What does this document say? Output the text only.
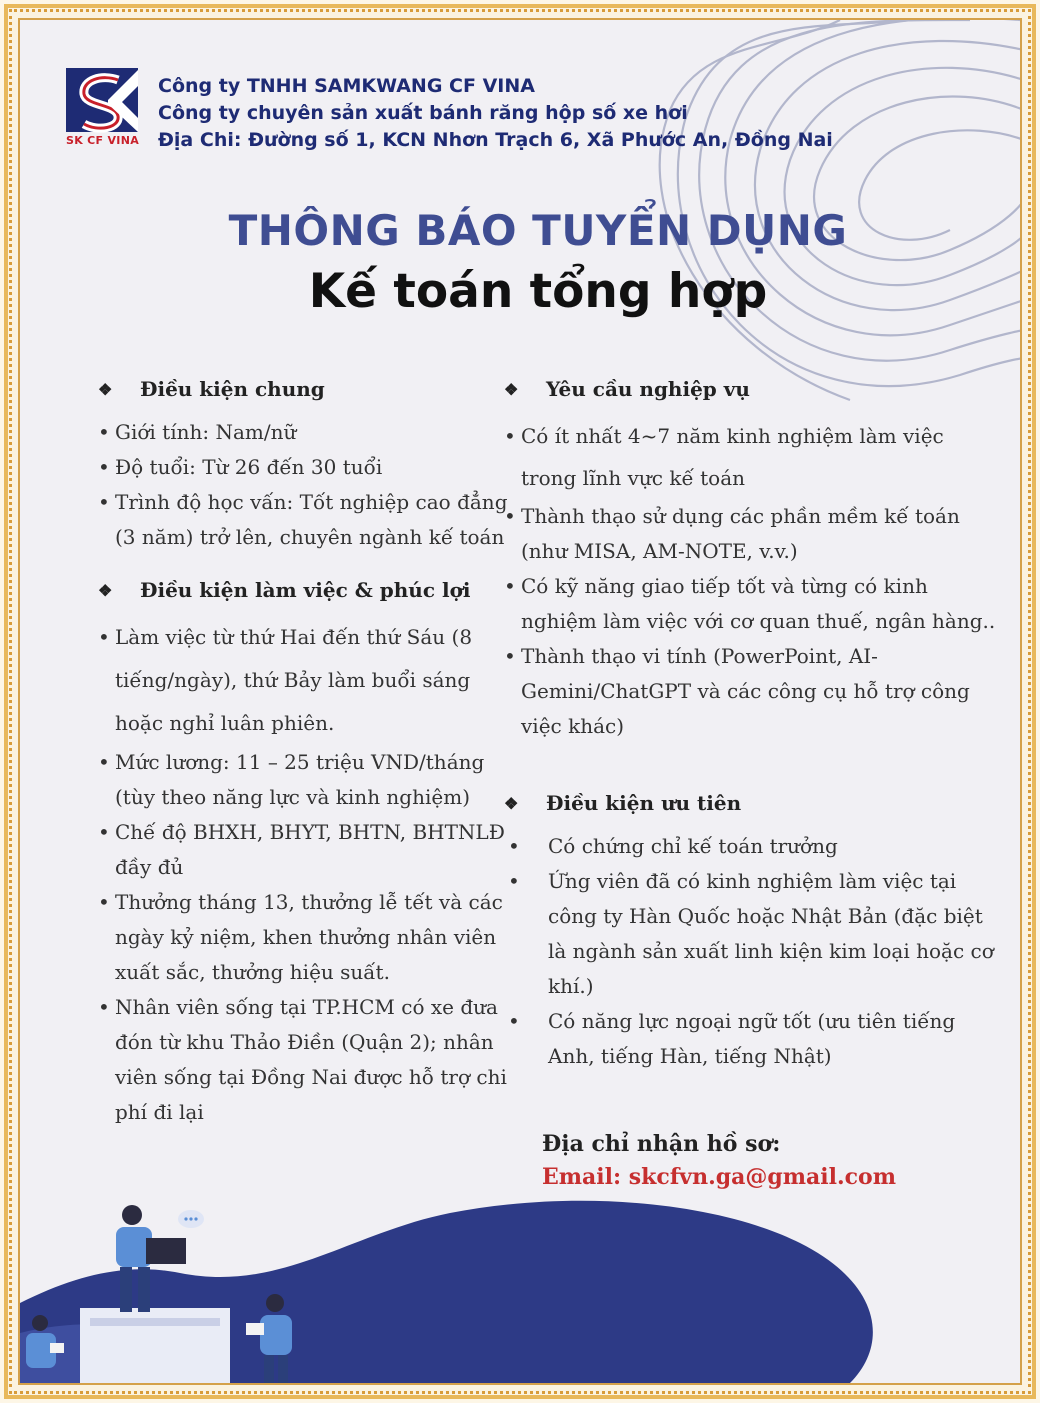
SK CF VINA
Công ty TNHH SAMKWANG CF VINA
Công ty chuyên sản xuất bánh răng hộp số xe hơi
Địa Chi: Đường số 1, KCN Nhơn Trạch 6, Xã Phước An, Đồng Nai
THÔNG BÁO TUYỂN DỤNG
Kế toán tổng hợp
❖	Điều kiện chung
• Giới tính: Nam/nữ
• Độ tuổi: Từ 26 đến 30 tuổi
• Trình độ học vấn: Tốt nghiệp cao đẳng (3 năm) trở lên, chuyên ngành kế toán
❖	Điều kiện làm việc & phúc lợi
• Làm việc từ thứ Hai đến thứ Sáu (8 tiếng/ngày), thứ Bảy làm buổi sáng hoặc nghỉ luân phiên.
• Mức lương: 11 – 25 triệu VND/tháng (tùy theo năng lực và kinh nghiệm)
• Chế độ BHXH, BHYT, BHTN, BHTNLĐ đầy đủ
• Thưởng tháng 13, thưởng lễ tết và các ngày kỷ niệm, khen thưởng nhân viên xuất sắc, thưởng hiệu suất.
• Nhân viên sống tại TP.HCM có xe đưa đón từ khu Thảo Điền (Quận 2); nhân viên sống tại Đồng Nai được hỗ trợ chi phí đi lại
❖	Yêu cầu nghiệp vụ
• Có ít nhất 4~7 năm kinh nghiệm làm việc trong lĩnh vực kế toán
• Thành thạo sử dụng các phần mềm kế toán (như MISA, AM-NOTE, v.v.)
• Có kỹ năng giao tiếp tốt và từng có kinh nghiệm làm việc với cơ quan thuế, ngân hàng..
• Thành thạo vi tính (PowerPoint, AI-Gemini/ChatGPT và các công cụ hỗ trợ công việc khác)
❖	Điều kiện ưu tiên
• Có chứng chỉ kế toán trưởng
• Ứng viên đã có kinh nghiệm làm việc tại công ty Hàn Quốc hoặc Nhật Bản (đặc biệt là ngành sản xuất linh kiện kim loại hoặc cơ khí.)
• Có năng lực ngoại ngữ tốt (ưu tiên tiếng Anh, tiếng Hàn, tiếng Nhật)
Địa chỉ nhận hồ sơ:
Email: skcfvn.ga@gmail.com
